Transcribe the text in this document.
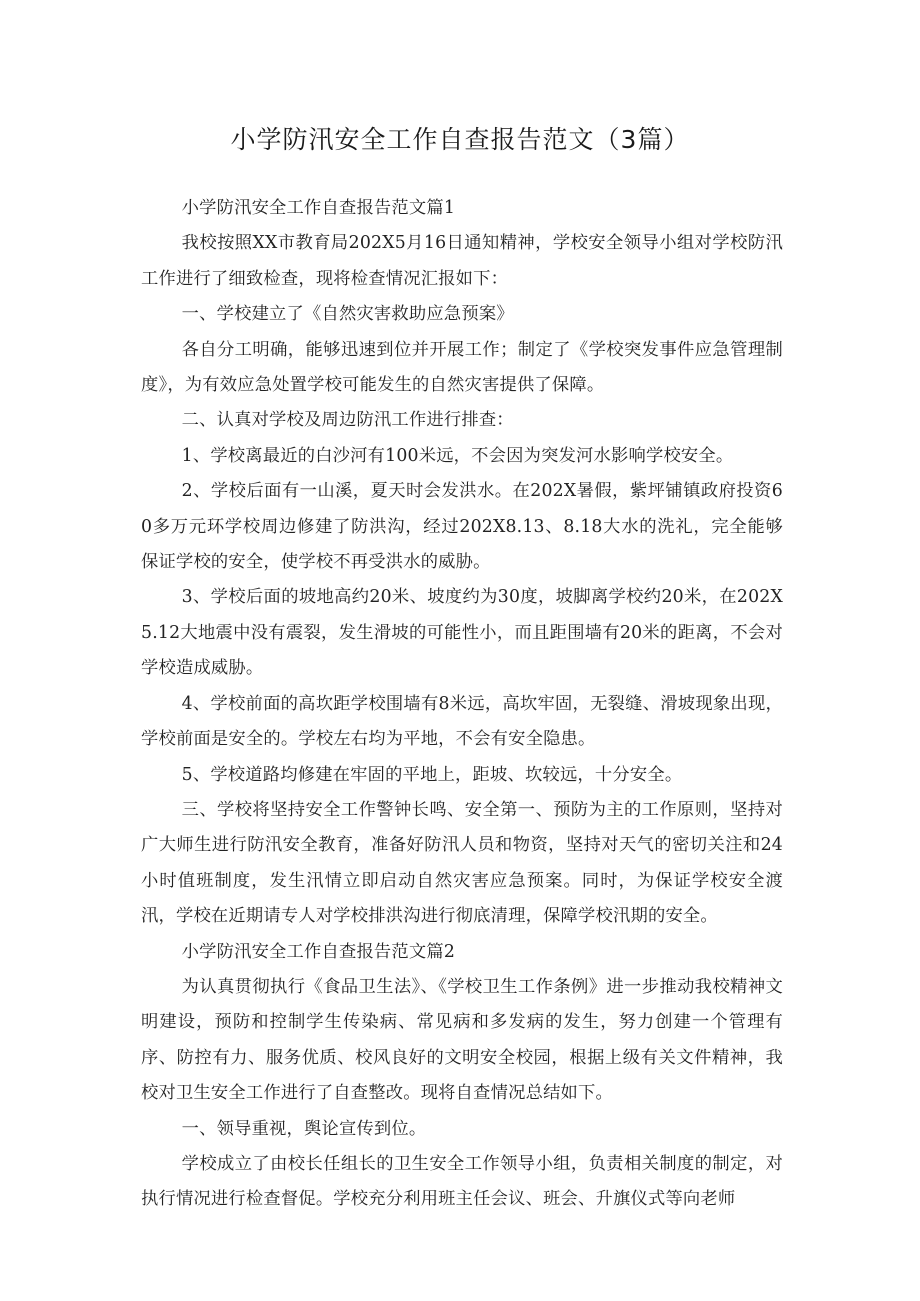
小学防汛安全工作自查报告范文（3篇）

小学防汛安全工作自查报告范文篇1

我校按照XX市教育局202X5月16日通知精神，学校安全领导小组对学校防汛工作进行了细致检查，现将检查情况汇报如下：

一、学校建立了《自然灾害救助应急预案》

各自分工明确，能够迅速到位并开展工作；制定了《学校突发事件应急管理制度》，为有效应急处置学校可能发生的自然灾害提供了保障。

二、认真对学校及周边防汛工作进行排查：

1、学校离最近的白沙河有100米远，不会因为突发河水影响学校安全。

2、学校后面有一山溪，夏天时会发洪水。在202X暑假，紫坪铺镇政府投资60多万元环学校周边修建了防洪沟，经过202X8.13、8.18大水的洗礼，完全能够保证学校的安全，使学校不再受洪水的威胁。

3、学校后面的坡地高约20米、坡度约为30度，坡脚离学校约20米，在202X5.12大地震中没有震裂，发生滑坡的可能性小，而且距围墙有20米的距离，不会对学校造成威胁。

4、学校前面的高坎距学校围墙有8米远，高坎牢固，无裂缝、滑坡现象出现，学校前面是安全的。学校左右均为平地，不会有安全隐患。

5、学校道路均修建在牢固的平地上，距坡、坎较远，十分安全。

三、学校将坚持安全工作警钟长鸣、安全第一、预防为主的工作原则，坚持对广大师生进行防汛安全教育，准备好防汛人员和物资，坚持对天气的密切关注和24小时值班制度，发生汛情立即启动自然灾害应急预案。同时，为保证学校安全渡汛，学校在近期请专人对学校排洪沟进行彻底清理，保障学校汛期的安全。

小学防汛安全工作自查报告范文篇2

为认真贯彻执行《食品卫生法》、《学校卫生工作条例》进一步推动我校精神文明建设，预防和控制学生传染病、常见病和多发病的发生，努力创建一个管理有序、防控有力、服务优质、校风良好的文明安全校园，根据上级有关文件精神，我校对卫生安全工作进行了自查整改。现将自查情况总结如下。

一、领导重视，舆论宣传到位。

学校成立了由校长任组长的卫生安全工作领导小组，负责相关制度的制定，对执行情况进行检查督促。学校充分利用班主任会议、班会、升旗仪式等向老师
